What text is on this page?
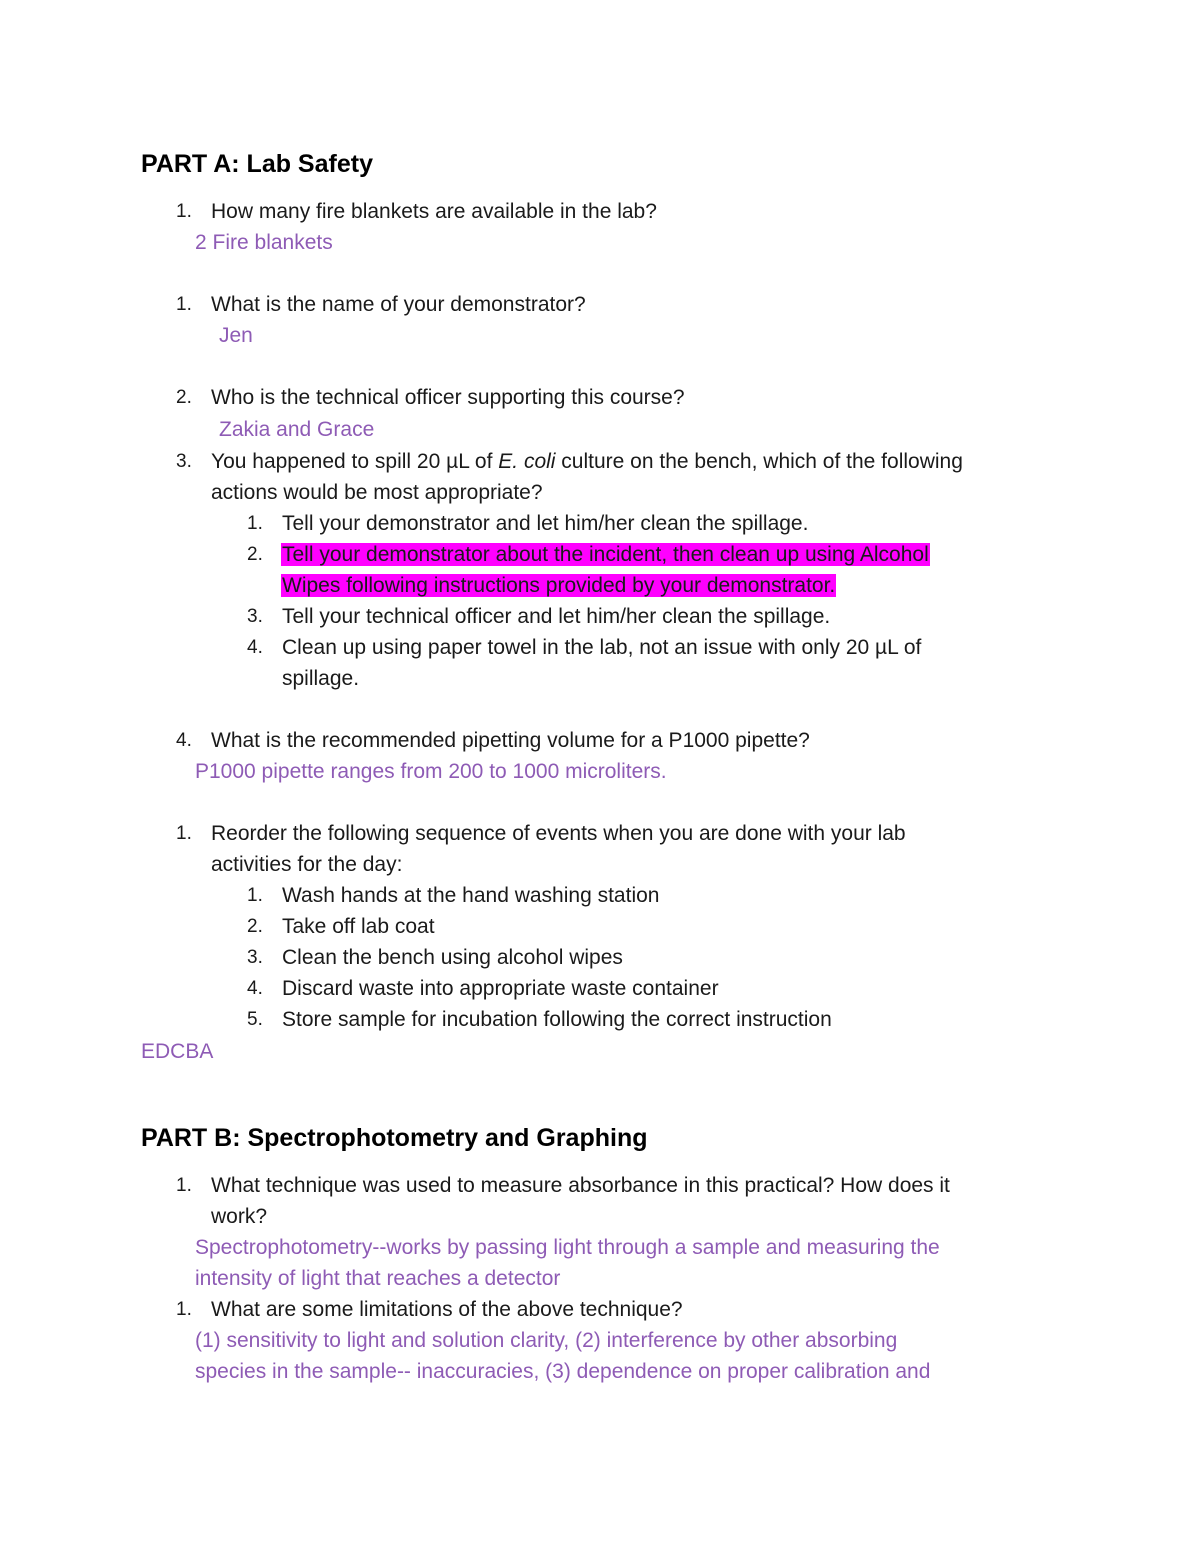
PART A: Lab Safety
1. How many fire blankets are available in the lab?
2 Fire blankets
1. What is the name of your demonstrator?
Jen
2. Who is the technical officer supporting this course?
Zakia and Grace
3. You happened to spill 20 µL of E. coli culture on the bench, which of the following
actions would be most appropriate?
1. Tell your demonstrator and let him/her clean the spillage.
2. Tell your demonstrator about the incident, then clean up using Alcohol
Wipes following instructions provided by your demonstrator.
3. Tell your technical officer and let him/her clean the spillage.
4. Clean up using paper towel in the lab, not an issue with only 20 µL of
spillage.
4. What is the recommended pipetting volume for a P1000 pipette?
P1000 pipette ranges from 200 to 1000 microliters.
1. Reorder the following sequence of events when you are done with your lab
activities for the day:
1. Wash hands at the hand washing station
2. Take off lab coat
3. Clean the bench using alcohol wipes
4. Discard waste into appropriate waste container
5. Store sample for incubation following the correct instruction
EDCBA
PART B: Spectrophotometry and Graphing
1. What technique was used to measure absorbance in this practical? How does it
work?
Spectrophotometry--works by passing light through a sample and measuring the
intensity of light that reaches a detector
1. What are some limitations of the above technique?
(1) sensitivity to light and solution clarity, (2) interference by other absorbing
species in the sample-- inaccuracies, (3) dependence on proper calibration and
